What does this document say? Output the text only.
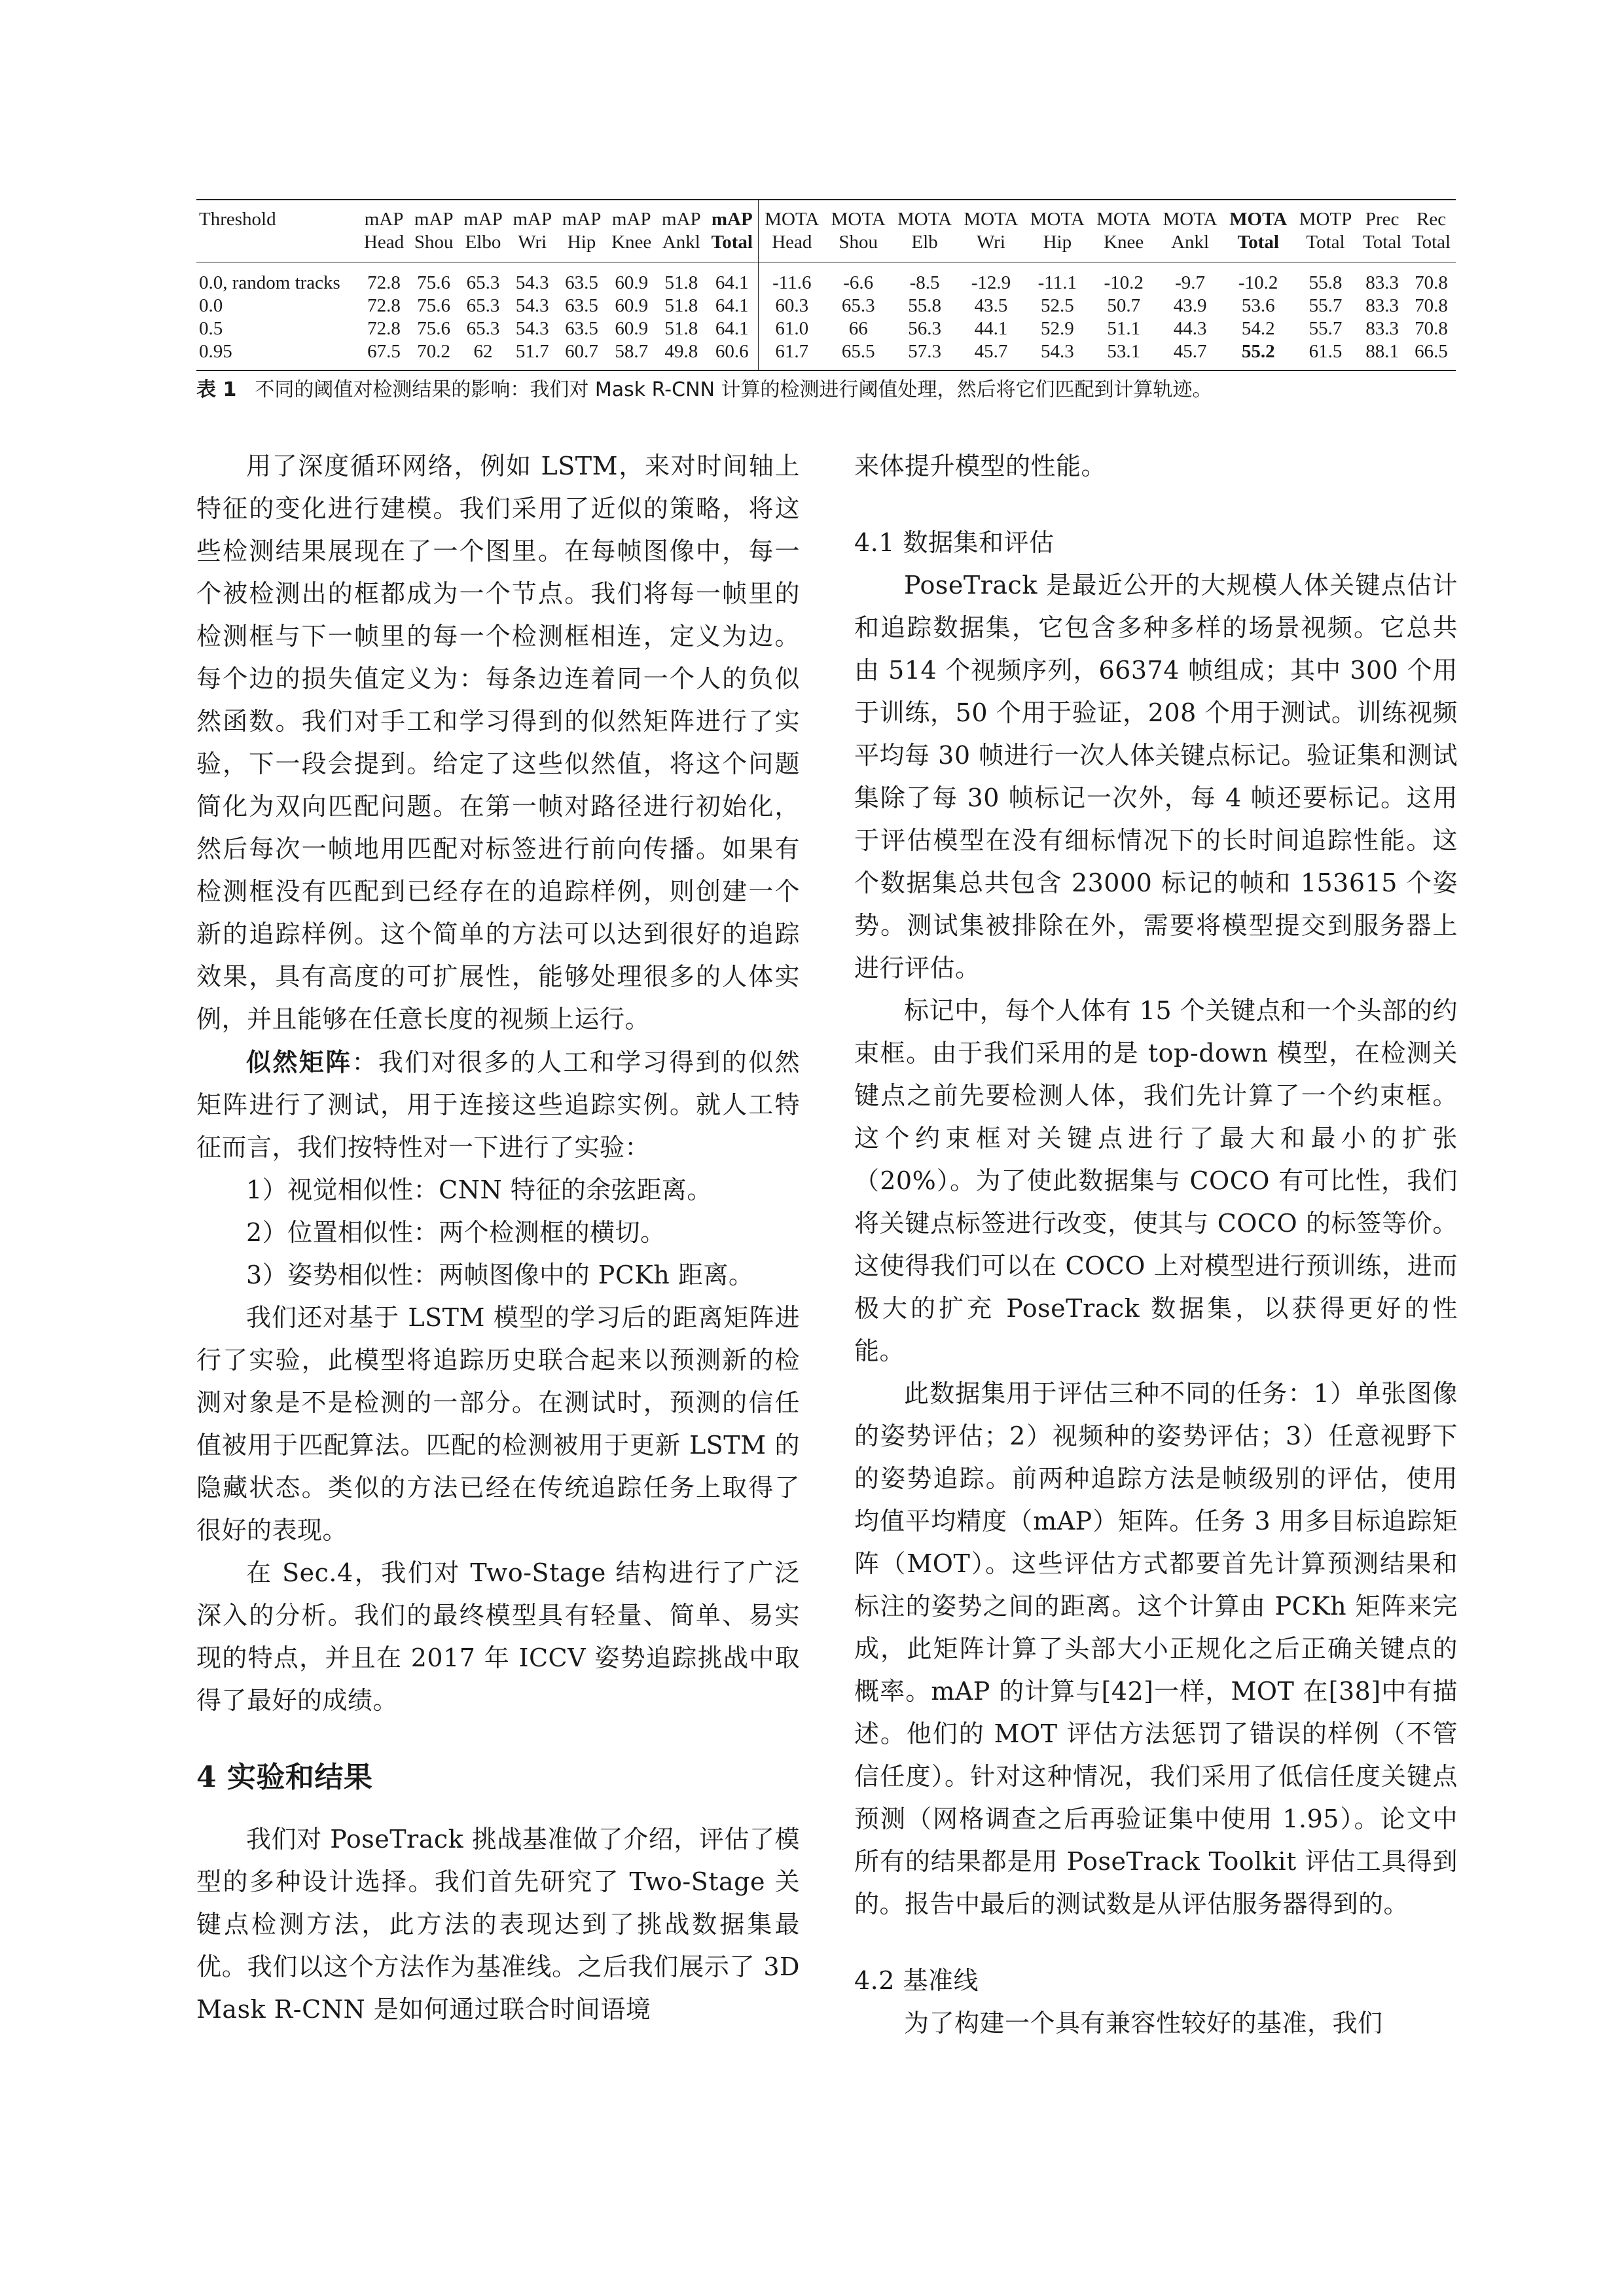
Threshold	mAP	mAP	mAP	mAP	mAP	mAP	mAP	mAP	MOTA	MOTA	MOTA	MOTA	MOTA	MOTA	MOTA	MOTA	MOTP	Prec	Rec
	Head	Shou	Elbo	Wri	Hip	Knee	Ankl	Total	Head	Shou	Elb	Wri	Hip	Knee	Ankl	Total	Total	Total	Total
0.0, random tracks	72.8	75.6	65.3	54.3	63.5	60.9	51.8	64.1	-11.6	-6.6	-8.5	-12.9	-11.1	-10.2	-9.7	-10.2	55.8	83.3	70.8
0.0	72.8	75.6	65.3	54.3	63.5	60.9	51.8	64.1	60.3	65.3	55.8	43.5	52.5	50.7	43.9	53.6	55.7	83.3	70.8
0.5	72.8	75.6	65.3	54.3	63.5	60.9	51.8	64.1	61.0	66	56.3	44.1	52.9	51.1	44.3	54.2	55.7	83.3	70.8
0.95	67.5	70.2	62	51.7	60.7	58.7	49.8	60.6	61.7	65.5	57.3	45.7	54.3	53.1	45.7	55.2	61.5	88.1	66.5
表 1 不同的阈值对检测结果的影响：我们对 Mask R-CNN 计算的检测进行阈值处理，然后将它们匹配到计算轨迹。

用了深度循环网络，例如 LSTM，来对时间轴上特征的变化进行建模。我们采用了近似的策略，将这些检测结果展现在了一个图里。在每帧图像中，每一个被检测出的框都成为一个节点。我们将每一帧里的检测框与下一帧里的每一个检测框相连，定义为边。每个边的损失值定义为：每条边连着同一个人的负似然函数。我们对手工和学习得到的似然矩阵进行了实验，下一段会提到。给定了这些似然值，将这个问题简化为双向匹配问题。在第一帧对路径进行初始化，然后每次一帧地用匹配对标签进行前向传播。如果有检测框没有匹配到已经存在的追踪样例，则创建一个新的追踪样例。这个简单的方法可以达到很好的追踪效果，具有高度的可扩展性，能够处理很多的人体实例，并且能够在任意长度的视频上运行。

似然矩阵：我们对很多的人工和学习得到的似然矩阵进行了测试，用于连接这些追踪实例。就人工特征而言，我们按特性对一下进行了实验：

1）视觉相似性：CNN 特征的余弦距离。

2）位置相似性：两个检测框的横切。

3）姿势相似性：两帧图像中的 PCKh 距离。

我们还对基于 LSTM 模型的学习后的距离矩阵进行了实验，此模型将追踪历史联合起来以预测新的检测对象是不是检测的一部分。在测试时，预测的信任值被用于匹配算法。匹配的检测被用于更新 LSTM 的隐藏状态。类似的方法已经在传统追踪任务上取得了很好的表现。

在 Sec.4，我们对 Two-Stage 结构进行了广泛深入的分析。我们的最终模型具有轻量、简单、易实现的特点，并且在 2017 年 ICCV 姿势追踪挑战中取得了最好的成绩。

4 实验和结果

我们对 PoseTrack 挑战基准做了介绍，评估了模型的多种设计选择。我们首先研究了 Two-Stage 关键点检测方法，此方法的表现达到了挑战数据集最优。我们以这个方法作为基准线。之后我们展示了 3D Mask R-CNN 是如何通过联合时间语境

来体提升模型的性能。

4.1 数据集和评估

PoseTrack 是最近公开的大规模人体关键点估计和追踪数据集，它包含多种多样的场景视频。它总共由 514 个视频序列，66374 帧组成；其中 300 个用于训练，50 个用于验证，208 个用于测试。训练视频平均每 30 帧进行一次人体关键点标记。验证集和测试集除了每 30 帧标记一次外，每 4 帧还要标记。这用于评估模型在没有细标情况下的长时间追踪性能。这个数据集总共包含 23000 标记的帧和 153615 个姿势。测试集被排除在外，需要将模型提交到服务器上进行评估。

标记中，每个人体有 15 个关键点和一个头部的约束框。由于我们采用的是 top-down 模型，在检测关键点之前先要检测人体，我们先计算了一个约束框。这个约束框对关键点进行了最大和最小的扩张（20%）。为了使此数据集与 COCO 有可比性，我们将关键点标签进行改变，使其与 COCO 的标签等价。这使得我们可以在 COCO 上对模型进行预训练，进而极大的扩充 PoseTrack 数据集，以获得更好的性能。

此数据集用于评估三种不同的任务：1）单张图像的姿势评估；2）视频种的姿势评估；3）任意视野下的姿势追踪。前两种追踪方法是帧级别的评估，使用均值平均精度（mAP）矩阵。任务 3 用多目标追踪矩阵（MOT）。这些评估方式都要首先计算预测结果和标注的姿势之间的距离。这个计算由 PCKh 矩阵来完成，此矩阵计算了头部大小正规化之后正确关键点的概率。mAP 的计算与[42]一样，MOT 在[38]中有描述。他们的 MOT 评估方法惩罚了错误的样例（不管信任度）。针对这种情况，我们采用了低信任度关键点预测（网格调查之后再验证集中使用 1.95）。论文中所有的结果都是用 PoseTrack Toolkit 评估工具得到的。报告中最后的测试数是从评估服务器得到的。

4.2 基准线

为了构建一个具有兼容性较好的基准，我们
